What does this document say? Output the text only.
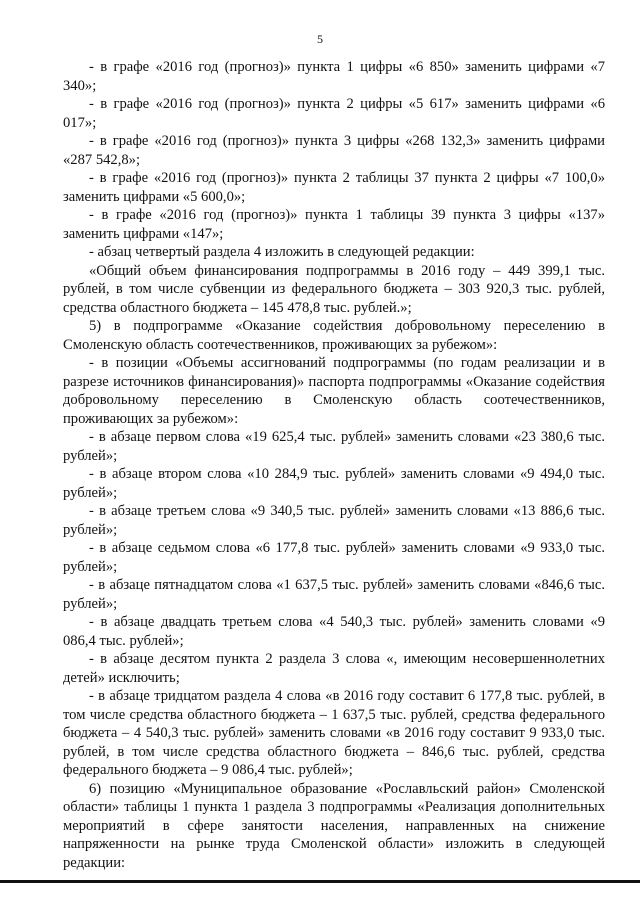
5

- в графе «2016 год (прогноз)» пункта 1 цифры «6 850» заменить цифрами «7 340»;

- в графе «2016 год (прогноз)» пункта 2 цифры «5 617» заменить цифрами «6 017»;

- в графе «2016 год (прогноз)» пункта 3 цифры «268 132,3» заменить цифрами «287 542,8»;

- в графе «2016 год (прогноз)» пункта 2 таблицы 37 пункта 2 цифры «7 100,0» заменить цифрами «5 600,0»;

- в графе «2016 год (прогноз)» пункта 1 таблицы 39 пункта 3 цифры «137» заменить цифрами «147»;

- абзац четвертый раздела 4 изложить в следующей редакции:

«Общий объем финансирования подпрограммы в 2016 году – 449 399,1 тыс. рублей, в том числе субвенции из федерального бюджета – 303 920,3 тыс. рублей, средства областного бюджета – 145 478,8 тыс. рублей.»;

5) в подпрограмме «Оказание содействия добровольному переселению в Смоленскую область соотечественников, проживающих за рубежом»:

- в позиции «Объемы ассигнований подпрограммы (по годам реализации и в разрезе источников финансирования)» паспорта подпрограммы «Оказание содействия добровольному переселению в Смоленскую область соотечественников, проживающих за рубежом»:

- в абзаце первом слова «19 625,4 тыс. рублей» заменить словами «23 380,6 тыс. рублей»;

- в абзаце втором слова «10 284,9 тыс. рублей» заменить словами «9 494,0 тыс. рублей»;

- в абзаце третьем слова «9 340,5 тыс. рублей» заменить словами «13 886,6 тыс. рублей»;

- в абзаце седьмом слова «6 177,8 тыс. рублей» заменить словами «9 933,0 тыс. рублей»;

- в абзаце пятнадцатом слова «1 637,5 тыс. рублей» заменить словами «846,6 тыс. рублей»;

- в абзаце двадцать третьем слова «4 540,3 тыс. рублей» заменить словами «9 086,4 тыс. рублей»;

- в абзаце десятом пункта 2 раздела 3 слова «, имеющим несовершеннолетних детей» исключить;

- в абзаце тридцатом раздела 4 слова «в 2016 году составит 6 177,8 тыс. рублей, в том числе средства областного бюджета – 1 637,5 тыс. рублей, средства федерального бюджета – 4 540,3 тыс. рублей» заменить словами «в 2016 году составит 9 933,0 тыс. рублей, в том числе средства областного бюджета – 846,6 тыс. рублей, средства федерального бюджета – 9 086,4 тыс. рублей»;

6) позицию «Муниципальное образование «Рославльский район» Смоленской области» таблицы 1 пункта 1 раздела 3 подпрограммы «Реализация дополнительных мероприятий в сфере занятости населения, направленных на снижение напряженности на рынке труда Смоленской области» изложить в следующей редакции:
